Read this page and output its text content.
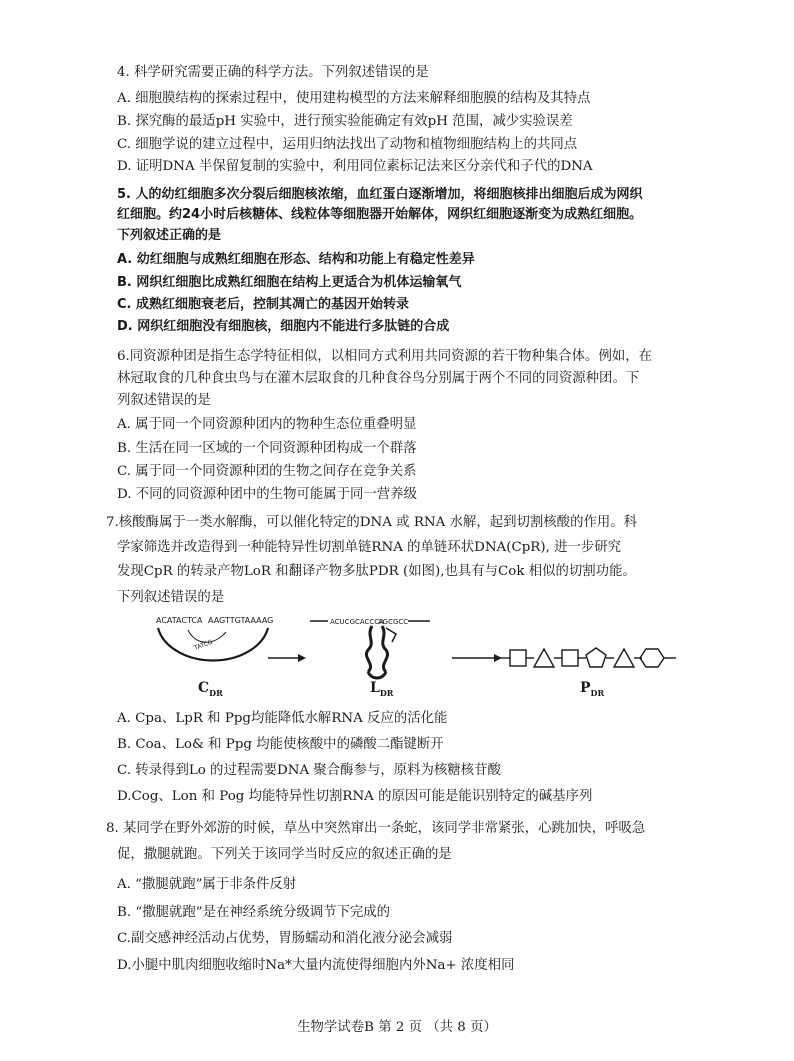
4. 科学研究需要正确的科学方法。下列叙述错误的是
A. 细胞膜结构的探索过程中，使用建构模型的方法来解释细胞膜的结构及其特点
B. 探究酶的最适pH 实验中，进行预实验能确定有效pH 范围，减少实验误差
C. 细胞学说的建立过程中，运用归纳法找出了动物和植物细胞结构上的共同点
D. 证明DNA 半保留复制的实验中，利用同位素标记法来区分亲代和子代的DNA
5. 人的幼红细胞多次分裂后细胞核浓缩，血红蛋白逐渐增加，将细胞核排出细胞后成为网织
红细胞。约24小时后核糖体、线粒体等细胞器开始解体，网织红细胞逐渐变为成熟红细胞。
下列叙述正确的是
A. 幼红细胞与成熟红细胞在形态、结构和功能上有稳定性差异
B. 网织红细胞比成熟红细胞在结构上更适合为机体运输氧气
C. 成熟红细胞衰老后，控制其凋亡的基因开始转录
D. 网织红细胞没有细胞核，细胞内不能进行多肽链的合成
6.同资源种团是指生态学特征相似，以相同方式利用共同资源的若干物种集合体。例如，在
林冠取食的几种食虫鸟与在灌木层取食的几种食谷鸟分别属于两个不同的同资源种团。下
列叙述错误的是
A. 属于同一个同资源种团内的物种生态位重叠明显
B. 生活在同一区域的一个同资源种团构成一个群落
C. 属于同一个同资源种团的生物之间存在竞争关系
D. 不同的同资源种团中的生物可能属于同一营养级
7.核酸酶属于一类水解酶，可以催化特定的DNA 或 RNA 水解，起到切割核酸的作用。科
学家筛选并改造得到一种能特异性切割单链RNA 的单链环状DNA(CpR), 进一步研究
发现CpR 的转录产物LoR 和翻译产物多肽PDR (如图),也具有与Cok 相似的切割功能。
下列叙述错误的是
ACATACTCA AAGTTGTAAAAG
TATCG
$C_{DR}$
ACUCGCACCCA
AGCGCC
$L_{DR}$	$P_{DR}$
A. Cpa、LpR 和 Ppg均能降低水解RNA 反应的活化能
B. Coa、Lo& 和 Ppg 均能使核酸中的磷酸二酯键断开
C. 转录得到Lo 的过程需要DNA 聚合酶参与，原料为核糖核苷酸
D.Cog、Lon 和 Pog 均能特异性切割RNA 的原因可能是能识别特定的碱基序列
8. 某同学在野外郊游的时候，草丛中突然窜出一条蛇，该同学非常紧张，心跳加快，呼吸急
促，撒腿就跑。下列关于该同学当时反应的叙述正确的是
A. “撒腿就跑”属于非条件反射
B. “撒腿就跑”是在神经系统分级调节下完成的
C.副交感神经活动占优势，胃肠蠕动和消化液分泌会减弱
D.小腿中肌肉细胞收缩时Na*大量内流使得细胞内外Na+ 浓度相同
生物学试卷B 第 2 页 （共 8 页）
